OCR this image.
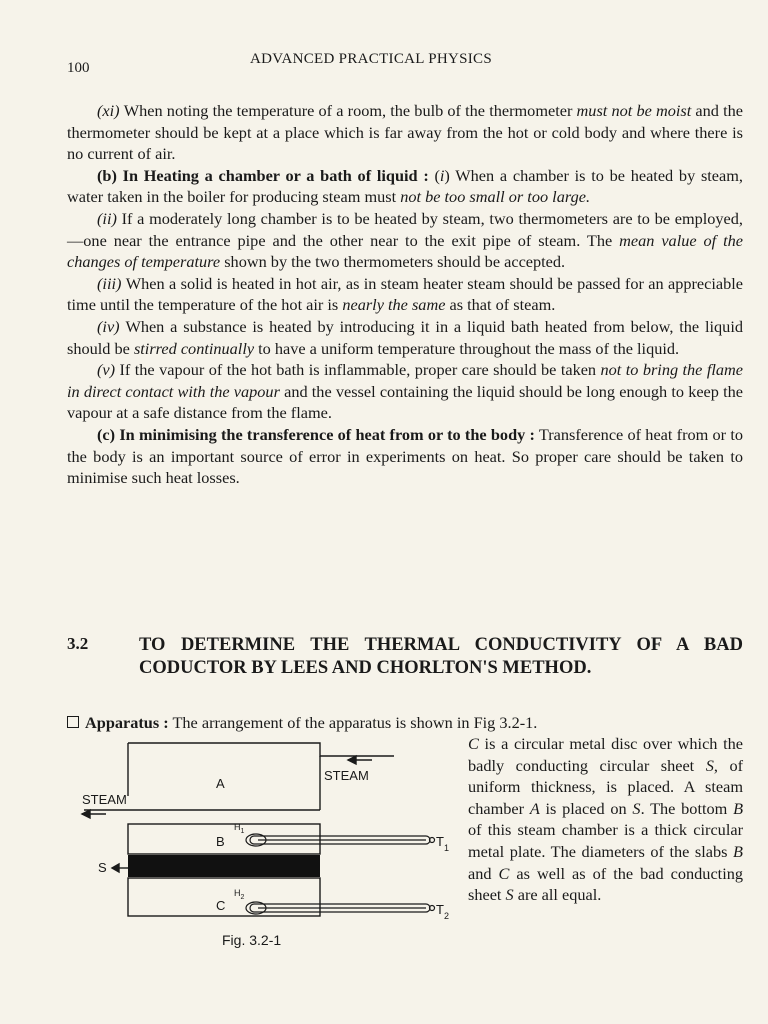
100
ADVANCED PRACTICAL PHYSICS

(xi) When noting the temperature of a room, the bulb of the thermometer must not be moist and the thermometer should be kept at a place which is far away from the hot or cold body and where there is no current of air.

(b) In Heating a chamber or a bath of liquid : (i) When a chamber is to be heated by steam, water taken in the boiler for producing steam must not be too small or too large.

(ii) If a moderately long chamber is to be heated by steam, two thermometers are to be employed,—one near the entrance pipe and the other near to the exit pipe of steam. The mean value of the changes of temperature shown by the two thermometers should be accepted.

(iii) When a solid is heated in hot air, as in steam heater steam should be passed for an appreciable time until the temperature of the hot air is nearly the same as that of steam.

(iv) When a substance is heated by introducing it in a liquid bath heated from below, the liquid should be stirred continually to have a uniform temperature throughout the mass of the liquid.

(v) If the vapour of the hot bath is inflammable, proper care should be taken not to bring the flame in direct contact with the vapour and the vessel containing the liquid should be long enough to keep the vapour at a safe distance from the flame.

(c) In minimising the transference of heat from or to the body : Transference of heat from or to the body is an important source of error in experiments on heat. So proper care should be taken to minimise such heat losses.

3.2	TO DETERMINE THE THERMAL CONDUCTIVITY OF A BAD CODUCTOR BY LEES AND CHORLTON'S METHOD.
Apparatus : The arrangement of the apparatus is shown in Fig 3.2-1.

C is a circular metal disc over which the badly conducting circular sheet S, of uniform thickness, is placed. A steam chamber A is placed on S. The bottom B of this steam chamber is a thick circular metal plate. The diameters of the slabs B and C as well as of the bad conducting sheet S are all equal.

A
STEAM
STEAM
B
S
C
$H_1$
$H_2$
$T_1$
$T_2$
Fig. 3.2-1
